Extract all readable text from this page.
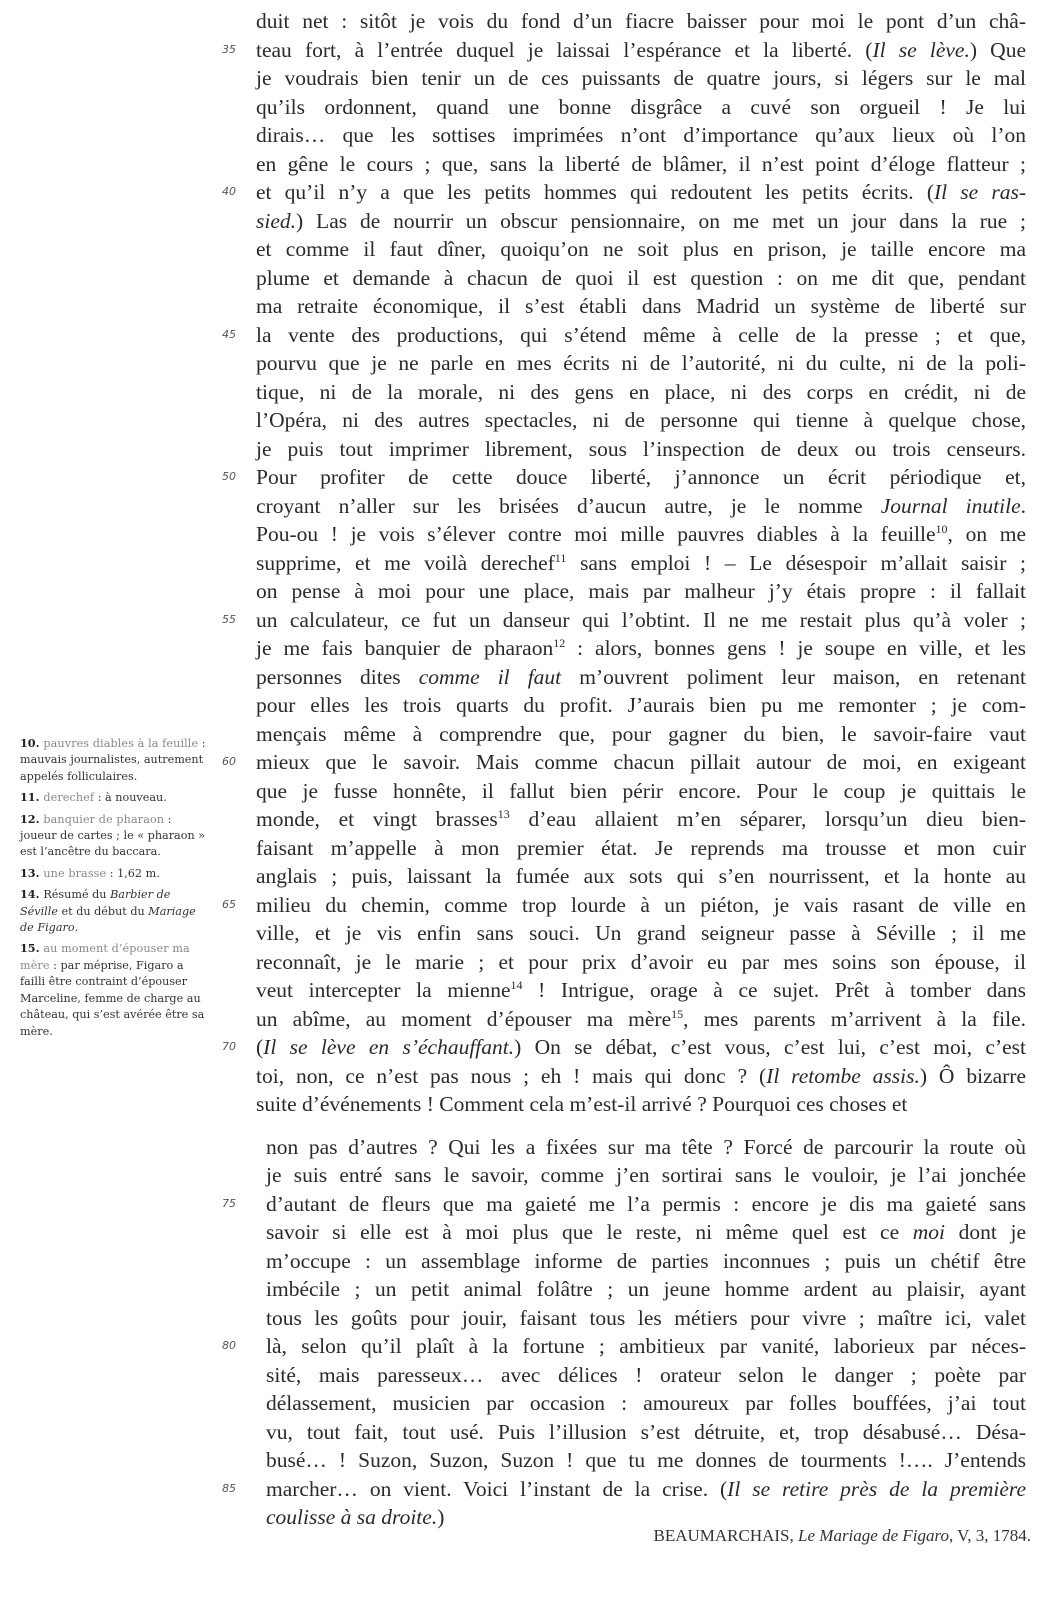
duit net : sitôt je vois du fond d’un fiacre baisser pour moi le pont d’un châ-
35 teau fort, à l’entrée duquel je laissai l’espérance et la liberté. (Il se lève.) Que
je voudrais bien tenir un de ces puissants de quatre jours, si légers sur le mal
qu’ils ordonnent, quand une bonne disgrâce a cuvé son orgueil ! Je lui
dirais… que les sottises imprimées n’ont d’importance qu’aux lieux où l’on
en gêne le cours ; que, sans la liberté de blâmer, il n’est point d’éloge flatteur ;
40 et qu’il n’y a que les petits hommes qui redoutent les petits écrits. (Il se ras-
sied.) Las de nourrir un obscur pensionnaire, on me met un jour dans la rue ;
et comme il faut dîner, quoiqu’on ne soit plus en prison, je taille encore ma
plume et demande à chacun de quoi il est question : on me dit que, pendant
ma retraite économique, il s’est établi dans Madrid un système de liberté sur
45 la vente des productions, qui s’étend même à celle de la presse ; et que,
pourvu que je ne parle en mes écrits ni de l’autorité, ni du culte, ni de la poli-
tique, ni de la morale, ni des gens en place, ni des corps en crédit, ni de
l’Opéra, ni des autres spectacles, ni de personne qui tienne à quelque chose,
je puis tout imprimer librement, sous l’inspection de deux ou trois censeurs.
50 Pour profiter de cette douce liberté, j’annonce un écrit périodique et,
croyant n’aller sur les brisées d’aucun autre, je le nomme Journal inutile.
Pou-ou ! je vois s’élever contre moi mille pauvres diables à la feuille$^{10}$, on me
supprime, et me voilà derechef$^{11}$ sans emploi ! – Le désespoir m’allait saisir ;
on pense à moi pour une place, mais par malheur j’y étais propre : il fallait
55 un calculateur, ce fut un danseur qui l’obtint. Il ne me restait plus qu’à voler ;
je me fais banquier de pharaon$^{12}$ : alors, bonnes gens ! je soupe en ville, et les
personnes dites comme il faut m’ouvrent poliment leur maison, en retenant
pour elles les trois quarts du profit. J’aurais bien pu me remonter ; je com-
mençais même à comprendre que, pour gagner du bien, le savoir-faire vaut
60 mieux que le savoir. Mais comme chacun pillait autour de moi, en exigeant
que je fusse honnête, il fallut bien périr encore. Pour le coup je quittais le
monde, et vingt brasses$^{13}$ d’eau allaient m’en séparer, lorsqu’un dieu bien-
faisant m’appelle à mon premier état. Je reprends ma trousse et mon cuir
anglais ; puis, laissant la fumée aux sots qui s’en nourrissent, et la honte au
65 milieu du chemin, comme trop lourde à un piéton, je vais rasant de ville en
ville, et je vis enfin sans souci. Un grand seigneur passe à Séville ; il me
reconnaît, je le marie ; et pour prix d’avoir eu par mes soins son épouse, il
veut intercepter la mienne$^{14}$ ! Intrigue, orage à ce sujet. Prêt à tomber dans
un abîme, au moment d’épouser ma mère$^{15}$, mes parents m’arrivent à la file.
70 (Il se lève en s’échauffant.) On se débat, c’est vous, c’est lui, c’est moi, c’est
toi, non, ce n’est pas nous ; eh ! mais qui donc ? (Il retombe assis.) Ô bizarre
suite d’événements ! Comment cela m’est-il arrivé ? Pourquoi ces choses et
non pas d’autres ? Qui les a fixées sur ma tête ? Forcé de parcourir la route où
je suis entré sans le savoir, comme j’en sortirai sans le vouloir, je l’ai jonchée
75 d’autant de fleurs que ma gaieté me l’a permis : encore je dis ma gaieté sans
savoir si elle est à moi plus que le reste, ni même quel est ce moi dont je
m’occupe : un assemblage informe de parties inconnues ; puis un chétif être
imbécile ; un petit animal folâtre ; un jeune homme ardent au plaisir, ayant
tous les goûts pour jouir, faisant tous les métiers pour vivre ; maître ici, valet
80 là, selon qu’il plaît à la fortune ; ambitieux par vanité, laborieux par néces-
sité, mais paresseux… avec délices ! orateur selon le danger ; poète par
délassement, musicien par occasion : amoureux par folles bouffées, j’ai tout
vu, tout fait, tout usé. Puis l’illusion s’est détruite, et, trop désabusé… Désa-
busé… ! Suzon, Suzon, Suzon ! que tu me donnes de tourments !…. J’entends
85 marcher… on vient. Voici l’instant de la crise. (Il se retire près de la première
coulisse à sa droite.)
BEAUMARCHAIS, Le Mariage de Figaro, V, 3, 1784.
10. pauvres diables à la feuille : mauvais journalistes, autrement appelés folliculaires.
11. derechef : à nouveau.
12. banquier de pharaon : joueur de cartes ; le « pharaon » est l’ancêtre du baccara.
13. une brasse : 1,62 m.
14. Résumé du Barbier de Séville et du début du Mariage de Figaro.
15. au moment d’épouser ma mère : par méprise, Figaro a failli être contraint d’épouser Marceline, femme de charge au château, qui s’est avérée être sa mère.
